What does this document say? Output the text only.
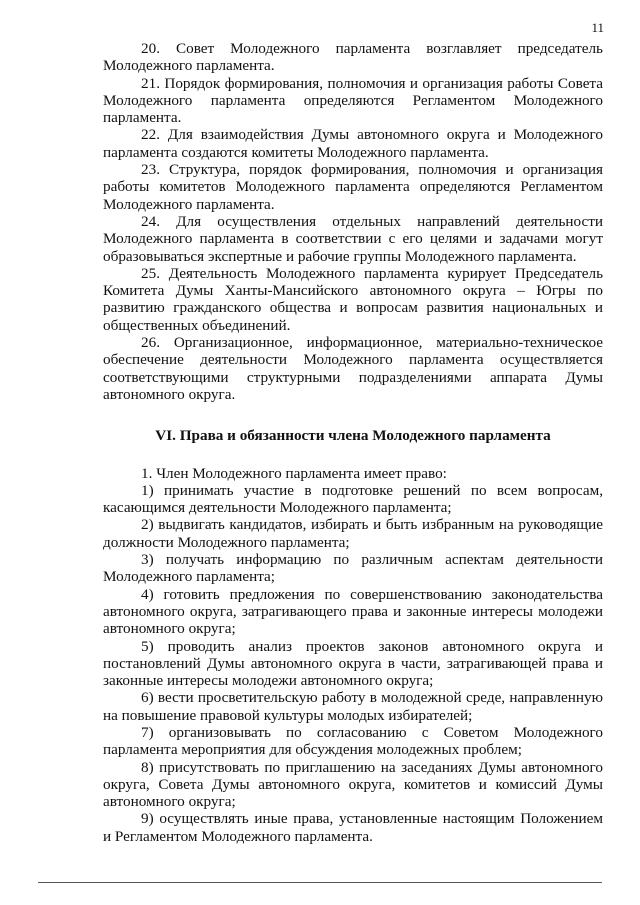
11

20. Совет Молодежного парламента возглавляет председатель Молодежного парламента.

21. Порядок формирования, полномочия и организация работы Совета Молодежного парламента определяются Регламентом Молодежного парламента.

22. Для взаимодействия Думы автономного округа и Молодежного парламента создаются комитеты Молодежного парламента.

23. Структура, порядок формирования, полномочия и организация работы комитетов Молодежного парламента определяются Регламентом Молодежного парламента.

24. Для осуществления отдельных направлений деятельности Молодежного парламента в соответствии с его целями и задачами могут образовываться экспертные и рабочие группы Молодежного парламента.

25. Деятельность Молодежного парламента курирует Председатель Комитета Думы Ханты-Мансийского автономного округа – Югры по развитию гражданского общества и вопросам развития национальных и общественных объединений.

26. Организационное, информационное, материально-техническое обеспечение деятельности Молодежного парламента осуществляется соответствующими структурными подразделениями аппарата Думы автономного округа.

VI. Права и обязанности члена Молодежного парламента

1. Член Молодежного парламента имеет право:

1) принимать участие в подготовке решений по всем вопросам, касающимся деятельности Молодежного парламента;

2) выдвигать кандидатов, избирать и быть избранным на руководящие должности Молодежного парламента;

3) получать информацию по различным аспектам деятельности Молодежного парламента;

4) готовить предложения по совершенствованию законодательства автономного округа, затрагивающего права и законные интересы молодежи автономного округа;

5) проводить анализ проектов законов автономного округа и постановлений Думы автономного округа в части, затрагивающей права и законные интересы молодежи автономного округа;

6) вести просветительскую работу в молодежной среде, направленную на повышение правовой культуры молодых избирателей;

7) организовывать по согласованию с Советом Молодежного парламента мероприятия для обсуждения молодежных проблем;

8) присутствовать по приглашению на заседаниях Думы автономного округа, Совета Думы автономного округа, комитетов и комиссий Думы автономного округа;

9) осуществлять иные права, установленные настоящим Положением и Регламентом Молодежного парламента.
